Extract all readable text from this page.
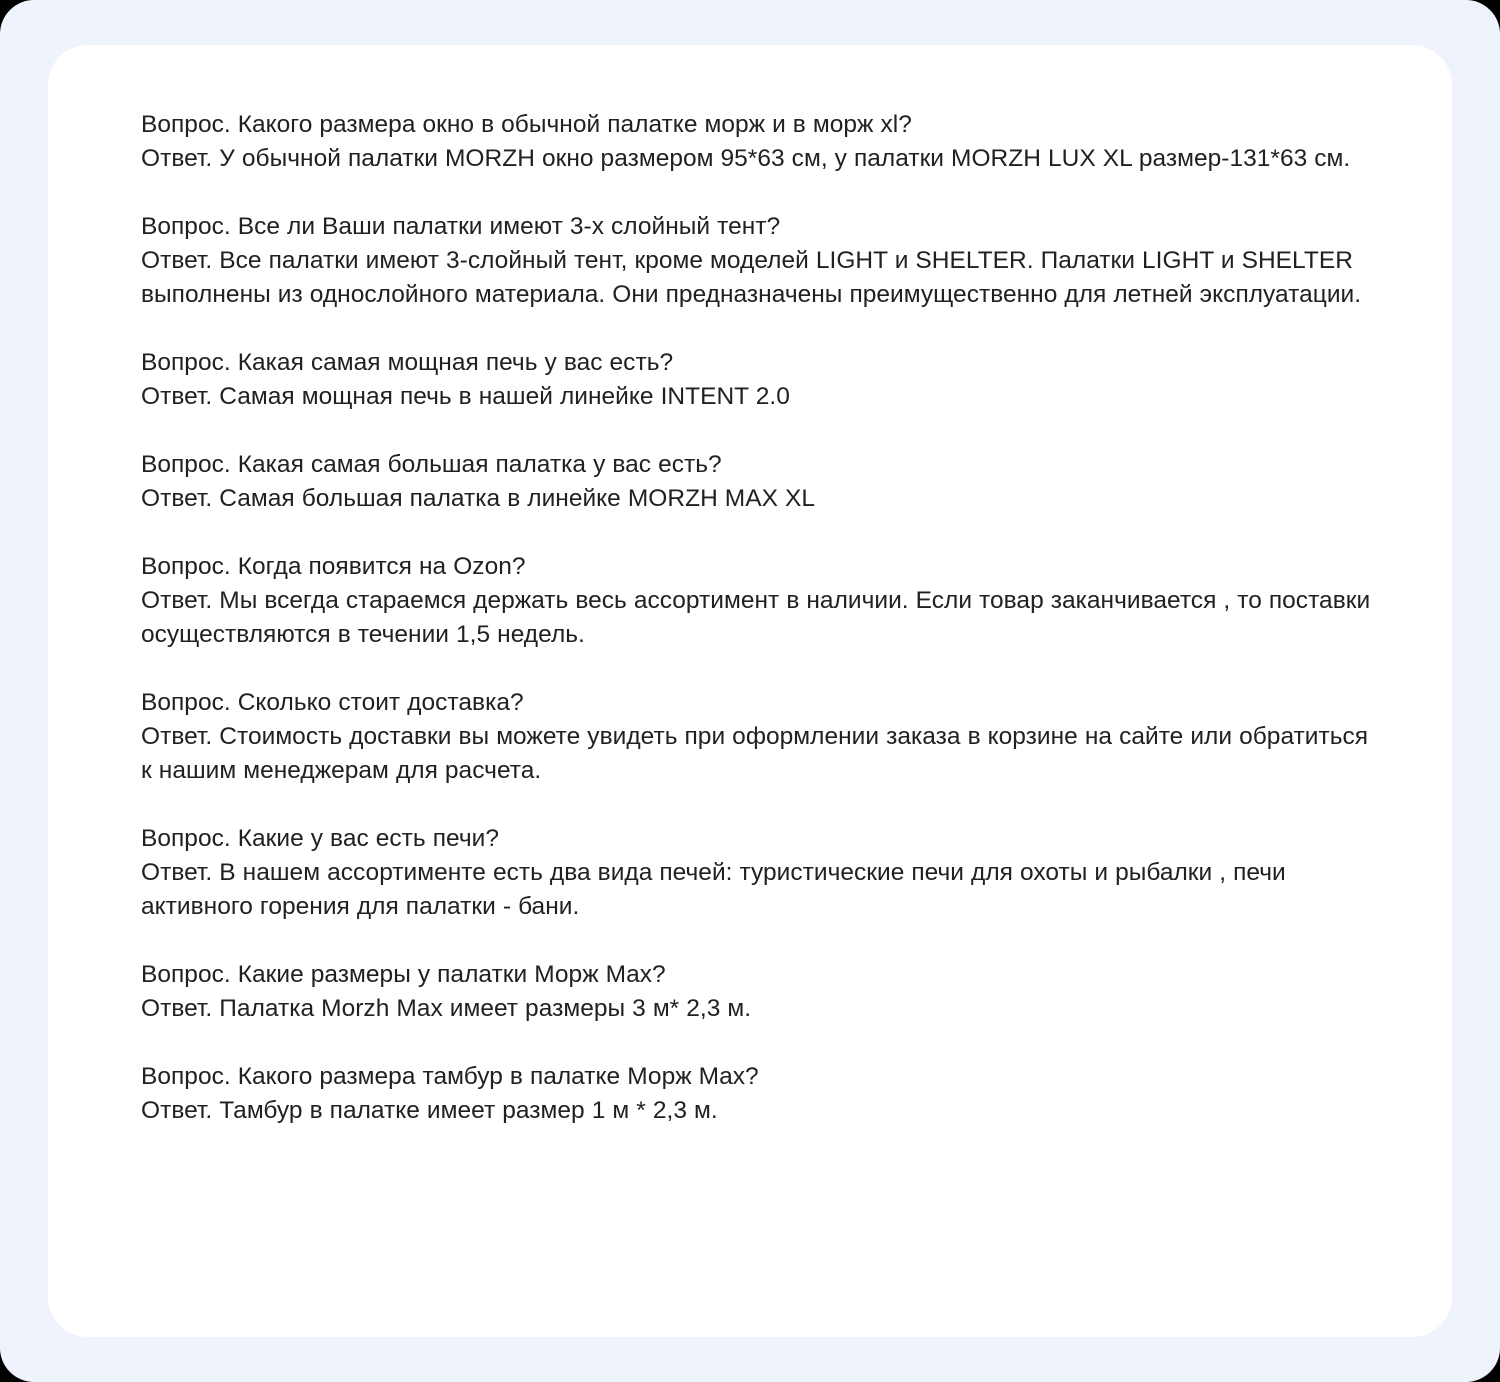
Вопрос. Какого размера окно в обычной палатке морж и в морж xl?

Ответ. У обычной палатки MORZH окно размером 95*63 см, у палатки MORZH LUX XL размер-131*63 см.

Вопрос. Все ли Ваши палатки имеют 3-х слойный тент?

Ответ. Все палатки имеют 3-слойный тент, кроме моделей LIGHT и SHELTER. Палатки LIGHT и SHELTER выполнены из однослойного материала. Они предназначены преимущественно для летней эксплуатации.

Вопрос. Какая самая мощная печь у вас есть?

Ответ. Самая мощная печь в нашей линейке INTENT 2.0

Вопрос. Какая самая большая палатка у вас есть?

Ответ. Самая большая палатка в линейке MORZH MAX XL

Вопрос. Когда появится на Ozon?

Ответ. Мы всегда стараемся держать весь ассортимент в наличии. Если товар заканчивается , то поставки осуществляются в течении 1,5 недель.

Вопрос. Сколько стоит доставка?

Ответ. Стоимость доставки вы можете увидеть при оформлении заказа в корзине на сайте или обратиться к нашим менеджерам для расчета.

Вопрос. Какие у вас есть печи?

Ответ. В нашем ассортименте есть два вида печей: туристические печи для охоты и рыбалки , печи активного горения для палатки - бани.

Вопрос. Какие размеры у палатки Морж Max?

Ответ. Палатка Morzh Max имеет размеры 3 м* 2,3 м.

Вопрос. Какого размера тамбур в палатке Морж Max?

Ответ. Тамбур в палатке имеет размер 1 м * 2,3 м.
